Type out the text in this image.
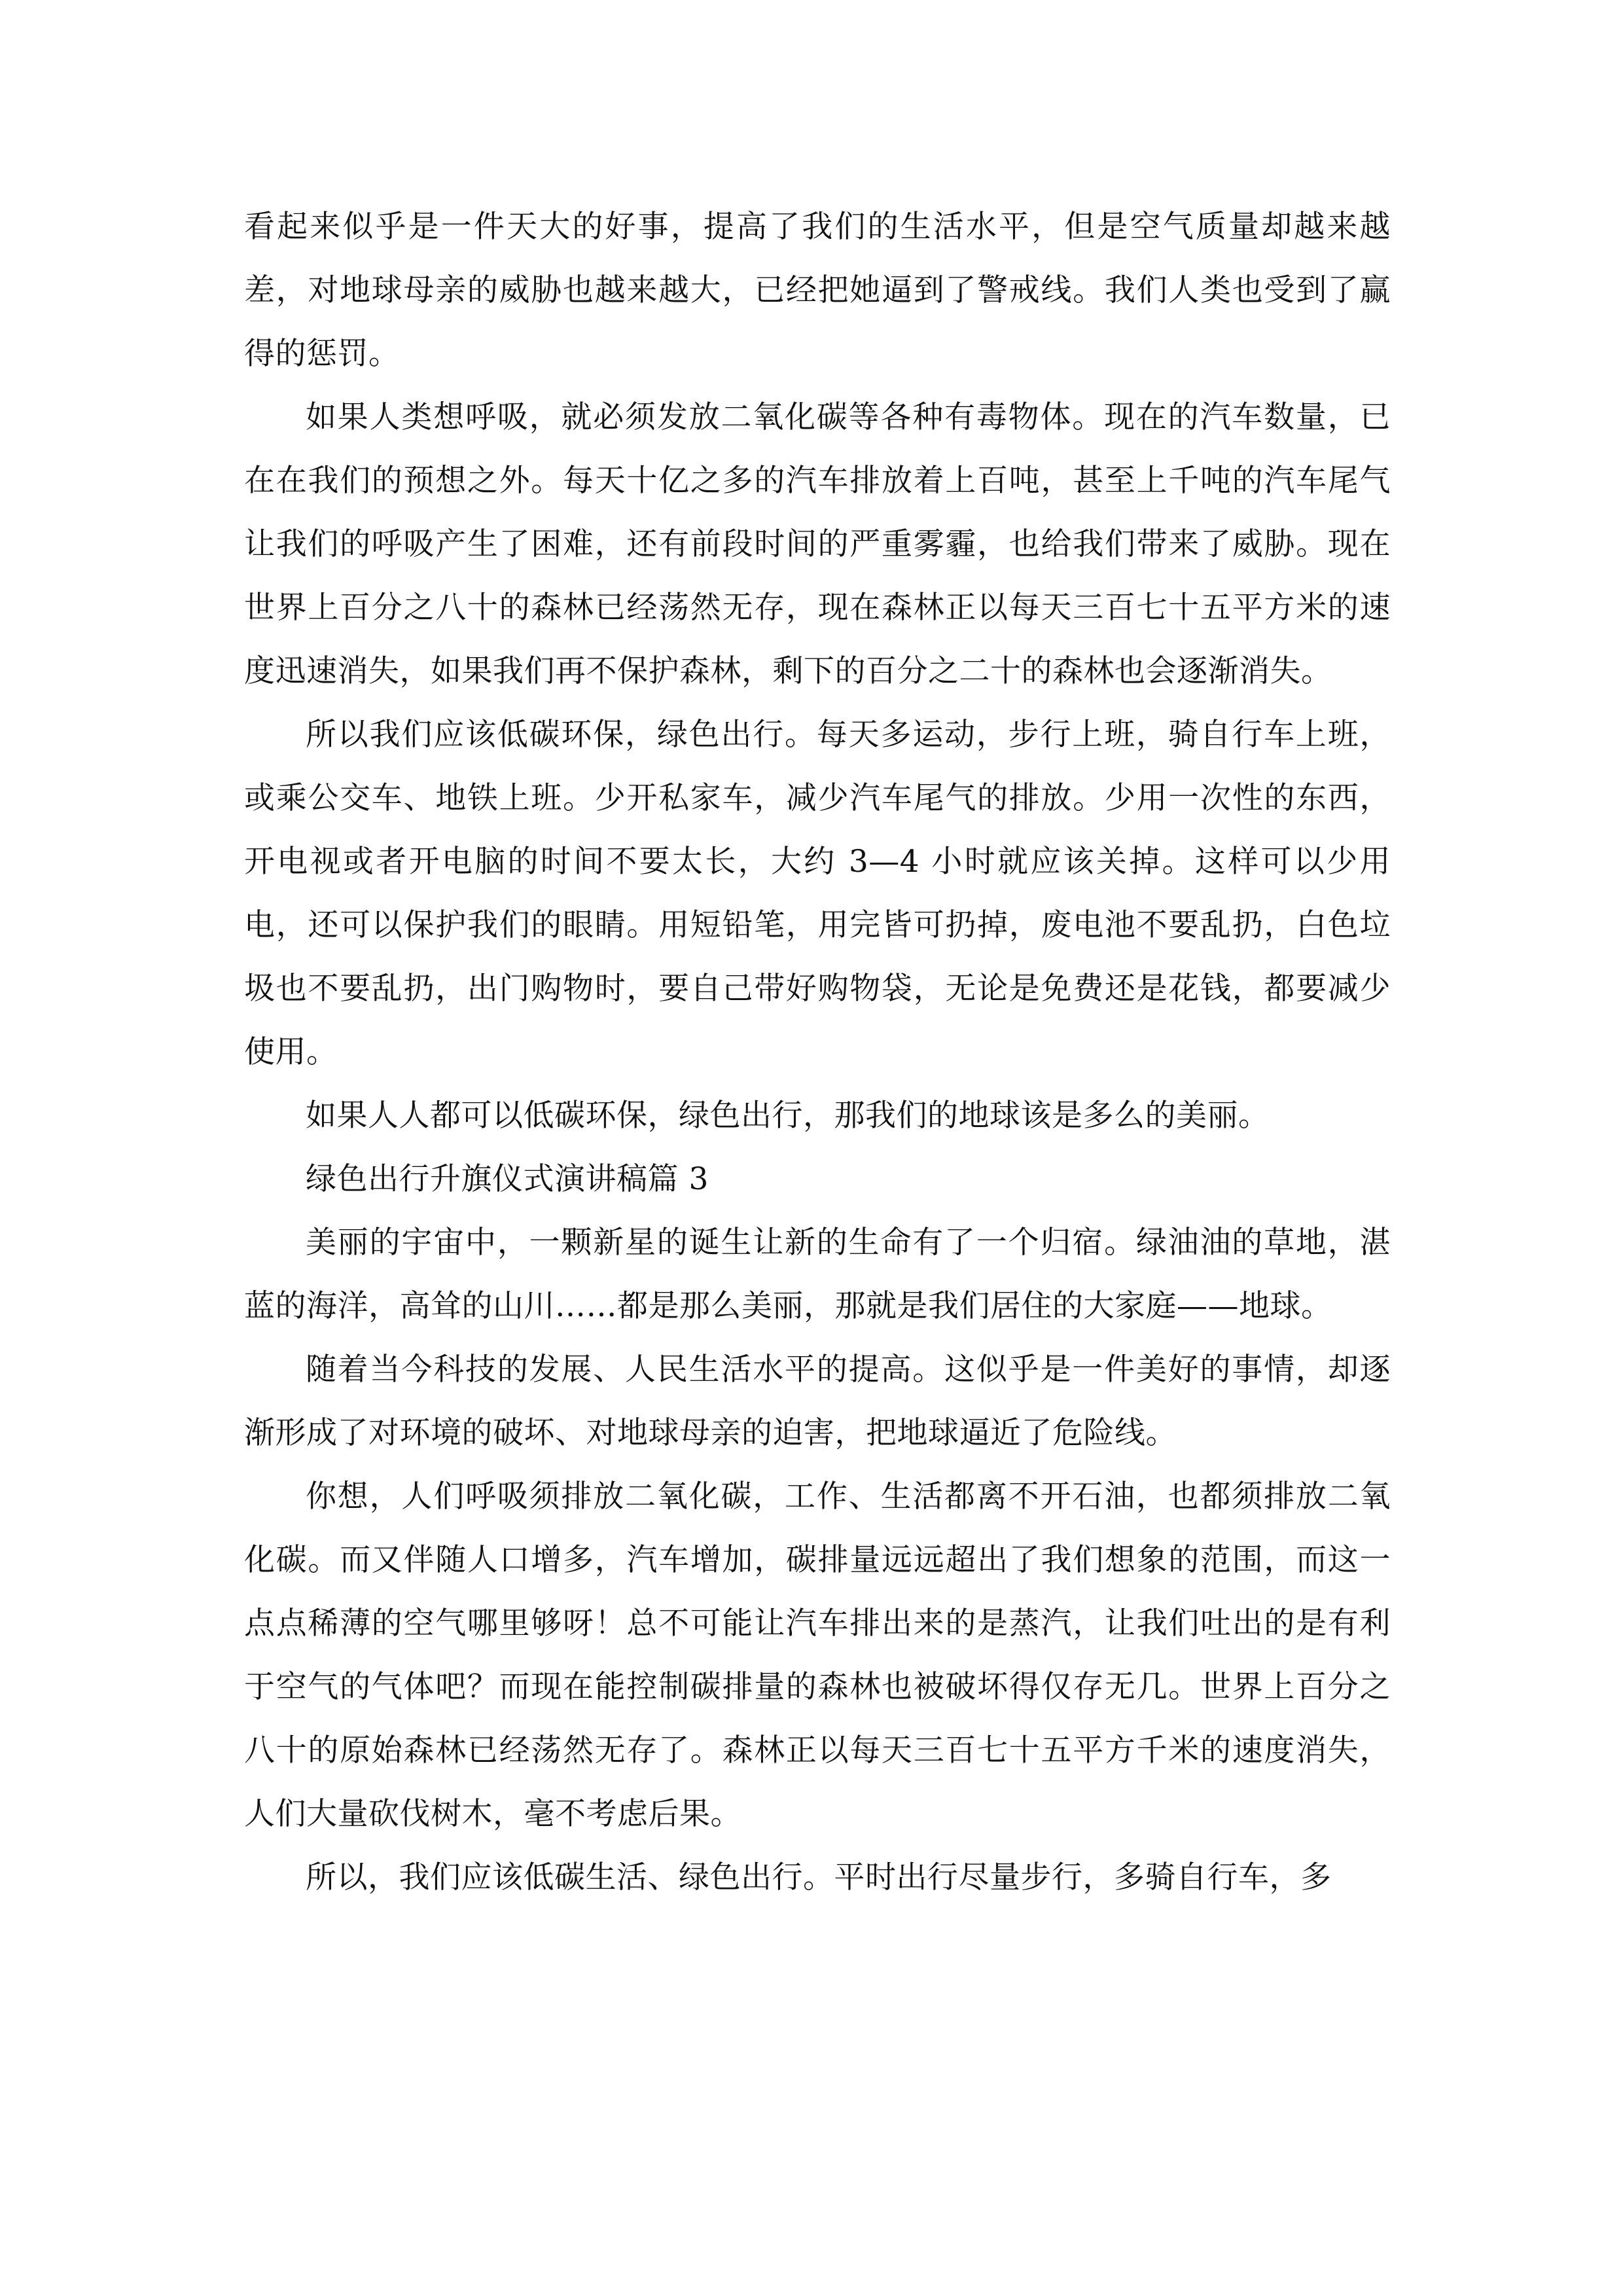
看起来似乎是一件天大的好事，提高了我们的生活水平，但是空气质量却越来越差，对地球母亲的威胁也越来越大，已经把她逼到了警戒线。我们人类也受到了赢得的惩罚。

如果人类想呼吸，就必须发放二氧化碳等各种有毒物体。现在的汽车数量，已在在我们的预想之外。每天十亿之多的汽车排放着上百吨，甚至上千吨的汽车尾气让我们的呼吸产生了困难，还有前段时间的严重雾霾，也给我们带来了威胁。现在世界上百分之八十的森林已经荡然无存，现在森林正以每天三百七十五平方米的速度迅速消失，如果我们再不保护森林，剩下的百分之二十的森林也会逐渐消失。

所以我们应该低碳环保，绿色出行。每天多运动，步行上班，骑自行车上班，或乘公交车、地铁上班。少开私家车，减少汽车尾气的排放。少用一次性的东西，开电视或者开电脑的时间不要太长，大约 3—4 小时就应该关掉。这样可以少用电，还可以保护我们的眼睛。用短铅笔，用完皆可扔掉，废电池不要乱扔，白色垃圾也不要乱扔，出门购物时，要自己带好购物袋，无论是免费还是花钱，都要减少使用。

如果人人都可以低碳环保，绿色出行，那我们的地球该是多么的美丽。

绿色出行升旗仪式演讲稿篇 3

美丽的宇宙中，一颗新星的诞生让新的生命有了一个归宿。绿油油的草地，湛蓝的海洋，高耸的山川……都是那么美丽，那就是我们居住的大家庭——地球。

随着当今科技的发展、人民生活水平的提高。这似乎是一件美好的事情，却逐渐形成了对环境的破坏、对地球母亲的迫害，把地球逼近了危险线。

你想，人们呼吸须排放二氧化碳，工作、生活都离不开石油，也都须排放二氧化碳。而又伴随人口增多，汽车增加，碳排量远远超出了我们想象的范围，而这一点点稀薄的空气哪里够呀！总不可能让汽车排出来的是蒸汽，让我们吐出的是有利于空气的气体吧？而现在能控制碳排量的森林也被破坏得仅存无几。世界上百分之八十的原始森林已经荡然无存了。森林正以每天三百七十五平方千米的速度消失，人们大量砍伐树木，毫不考虑后果。

所以，我们应该低碳生活、绿色出行。平时出行尽量步行，多骑自行车，多
